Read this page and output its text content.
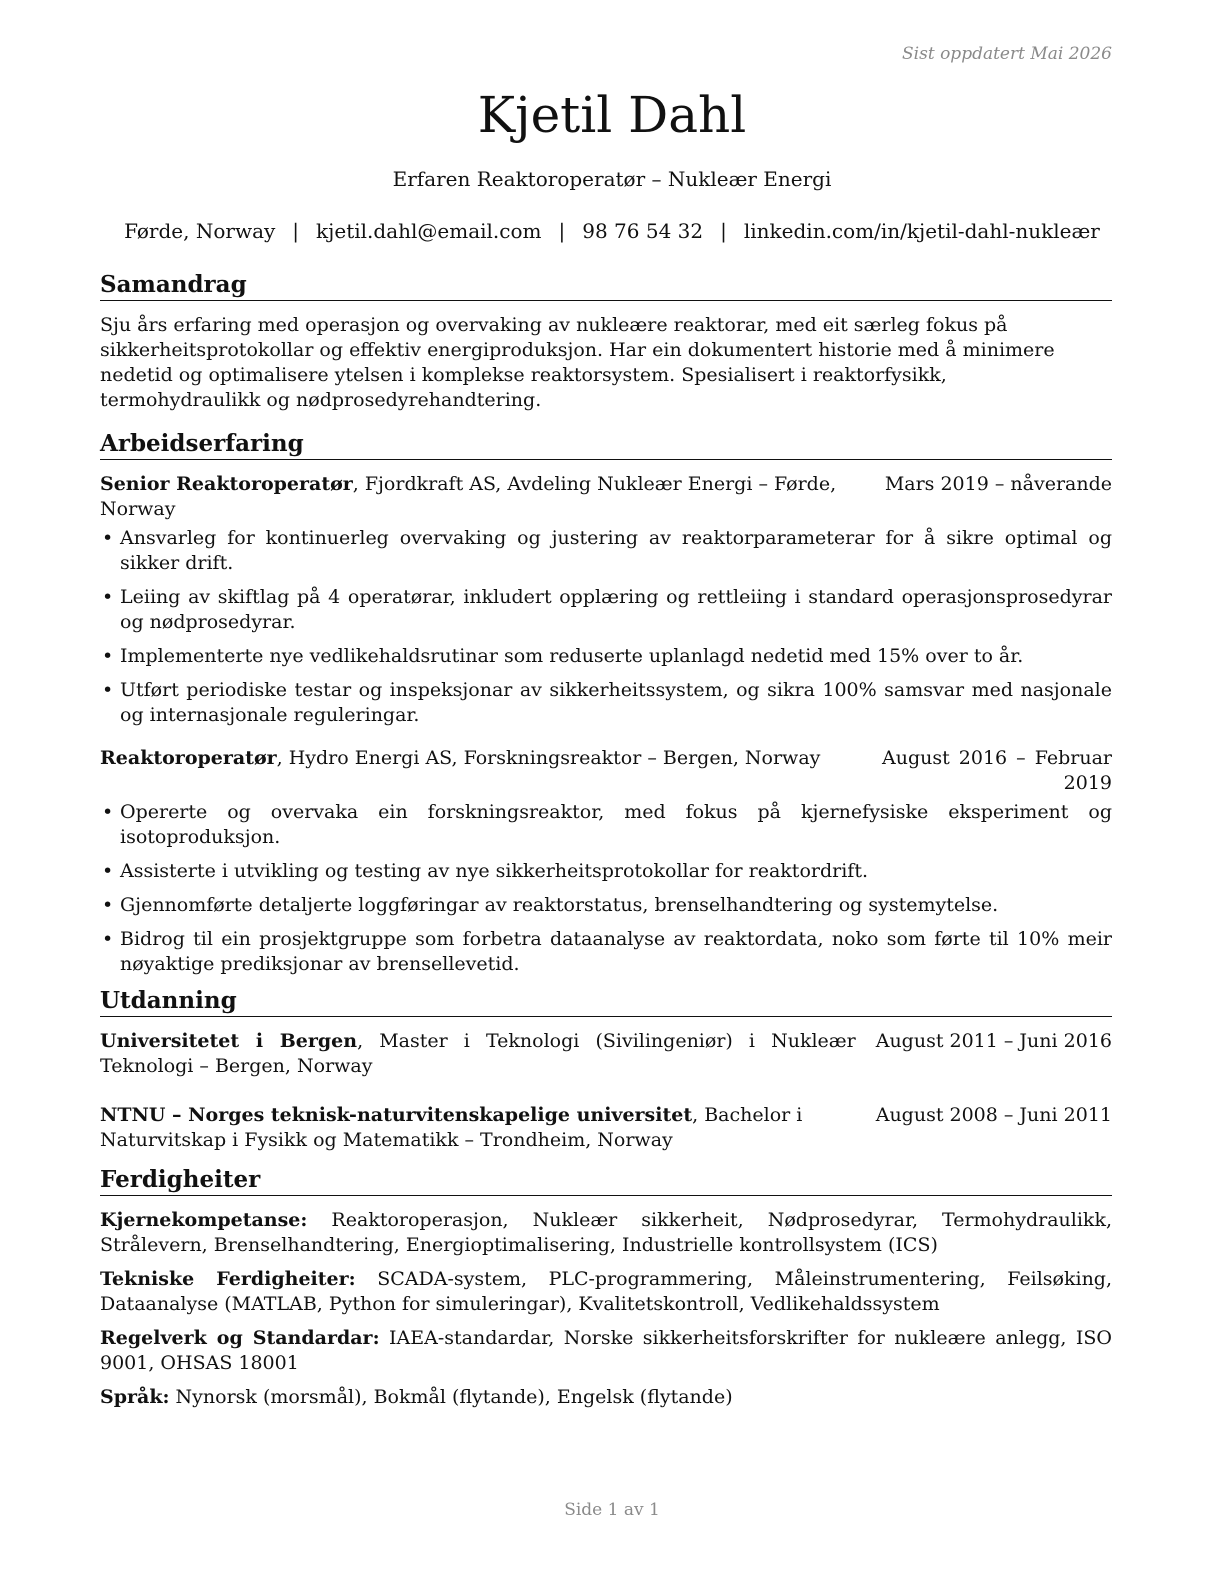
Sist oppdatert Mai 2026
Kjetil Dahl
Erfaren Reaktoroperatør – Nukleær Energi
Førde, Norway | kjetil.dahl@email.com | 98 76 54 32 | linkedin.com/in/kjetil-dahl-nukleær
Samandrag

Sju års erfaring med operasjon og overvaking av nukleære reaktorar, med eit særleg fokus på sikkerheitsprotokollar og effektiv energiproduksjon. Har ein dokumentert historie med å minimere nedetid og optimalisere ytelsen i komplekse reaktorsystem. Spesialisert i reaktorfysikk, termohydraulikk og nødprosedyrehandtering.

Arbeidserfaring
Senior Reaktoroperatør, Fjordkraft AS, Avdeling Nukleær Energi – Førde, Norway
Mars 2019 – nåverande
• Ansvarleg for kontinuerleg overvaking og justering av reaktorparameterar for å sikre optimal og sikker drift.
• Leiing av skiftlag på 4 operatørar, inkludert opplæring og rettleiing i standard operasjonsprosedyrar og nødprosedyrar.
• Implementerte nye vedlikehaldsrutinar som reduserte uplanlagd nedetid med 15% over to år.
• Utført periodiske testar og inspeksjonar av sikkerheitssystem, og sikra 100% samsvar med nasjonale og internasjonale reguleringar.
Reaktoroperatør, Hydro Energi AS, Forskningsreaktor – Bergen, Norway	August 2016 – Februar 2019
• Opererte og overvaka ein forskningsreaktor, med fokus på kjernefysiske eksperiment og isotoproduksjon.
• Assisterte i utvikling og testing av nye sikkerheitsprotokollar for reaktordrift.
• Gjennomførte detaljerte loggføringar av reaktorstatus, brenselhandtering og systemytelse.
• Bidrog til ein prosjektgruppe som forbetra dataanalyse av reaktordata, noko som førte til 10% meir nøyaktige prediksjonar av brensellevetid.
Utdanning
Universitetet i Bergen, Master i Teknologi (Sivilingeniør) i Nukleær Teknologi – Bergen, Norway
August 2011 – Juni 2016
NTNU – Norges teknisk-naturvitenskapelige universitet, Bachelor i Naturvitskap i Fysikk og Matematikk – Trondheim, Norway
August 2008 – Juni 2011
Ferdigheiter
Kjernekompetanse: Reaktoroperasjon, Nukleær sikkerheit, Nødprosedyrar, Termohydraulikk, Strålevern, Brenselhandtering, Energioptimalisering, Industrielle kontrollsystem (ICS)
Tekniske Ferdigheiter: SCADA-system, PLC-programmering, Måleinstrumentering, Feilsøking, Dataanalyse (MATLAB, Python for simuleringar), Kvalitetskontroll, Vedlikehaldssystem
Regelverk og Standardar: IAEA-standardar, Norske sikkerheitsforskrifter for nukleære anlegg, ISO 9001, OHSAS 18001
Språk: Nynorsk (morsmål), Bokmål (flytande), Engelsk (flytande)
Side 1 av 1
